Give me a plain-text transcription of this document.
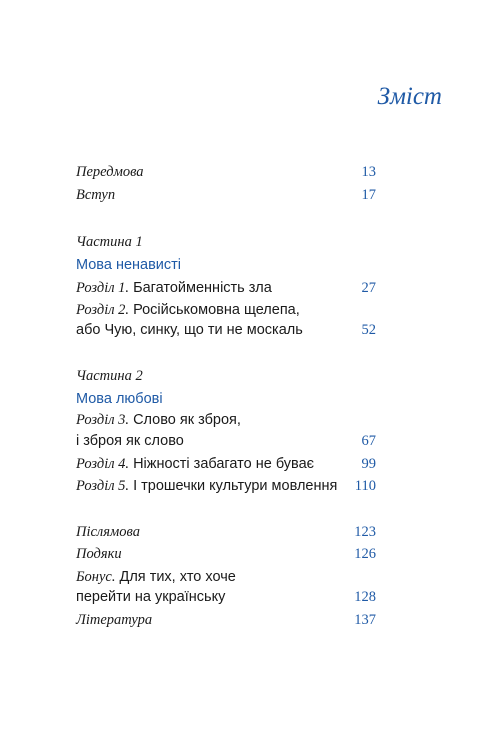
Зміст
Передмова	13
Вступ	17
Частина 1
Мова ненависті
Розділ 1. Багатойменність зла	27
Розділ 2. Російськомовна щелепа,
або Чую, синку, що ти не москаль	52
Частина 2
Мова любові
Розділ 3. Слово як зброя,
і зброя як слово	67
Розділ 4. Ніжності забагато не буває	99
Розділ 5. І трошечки культури мовлення 110
Післямова	123
Подяки	126
Бонус. Для тих, хто хоче
перейти на українську	128
Література	137
